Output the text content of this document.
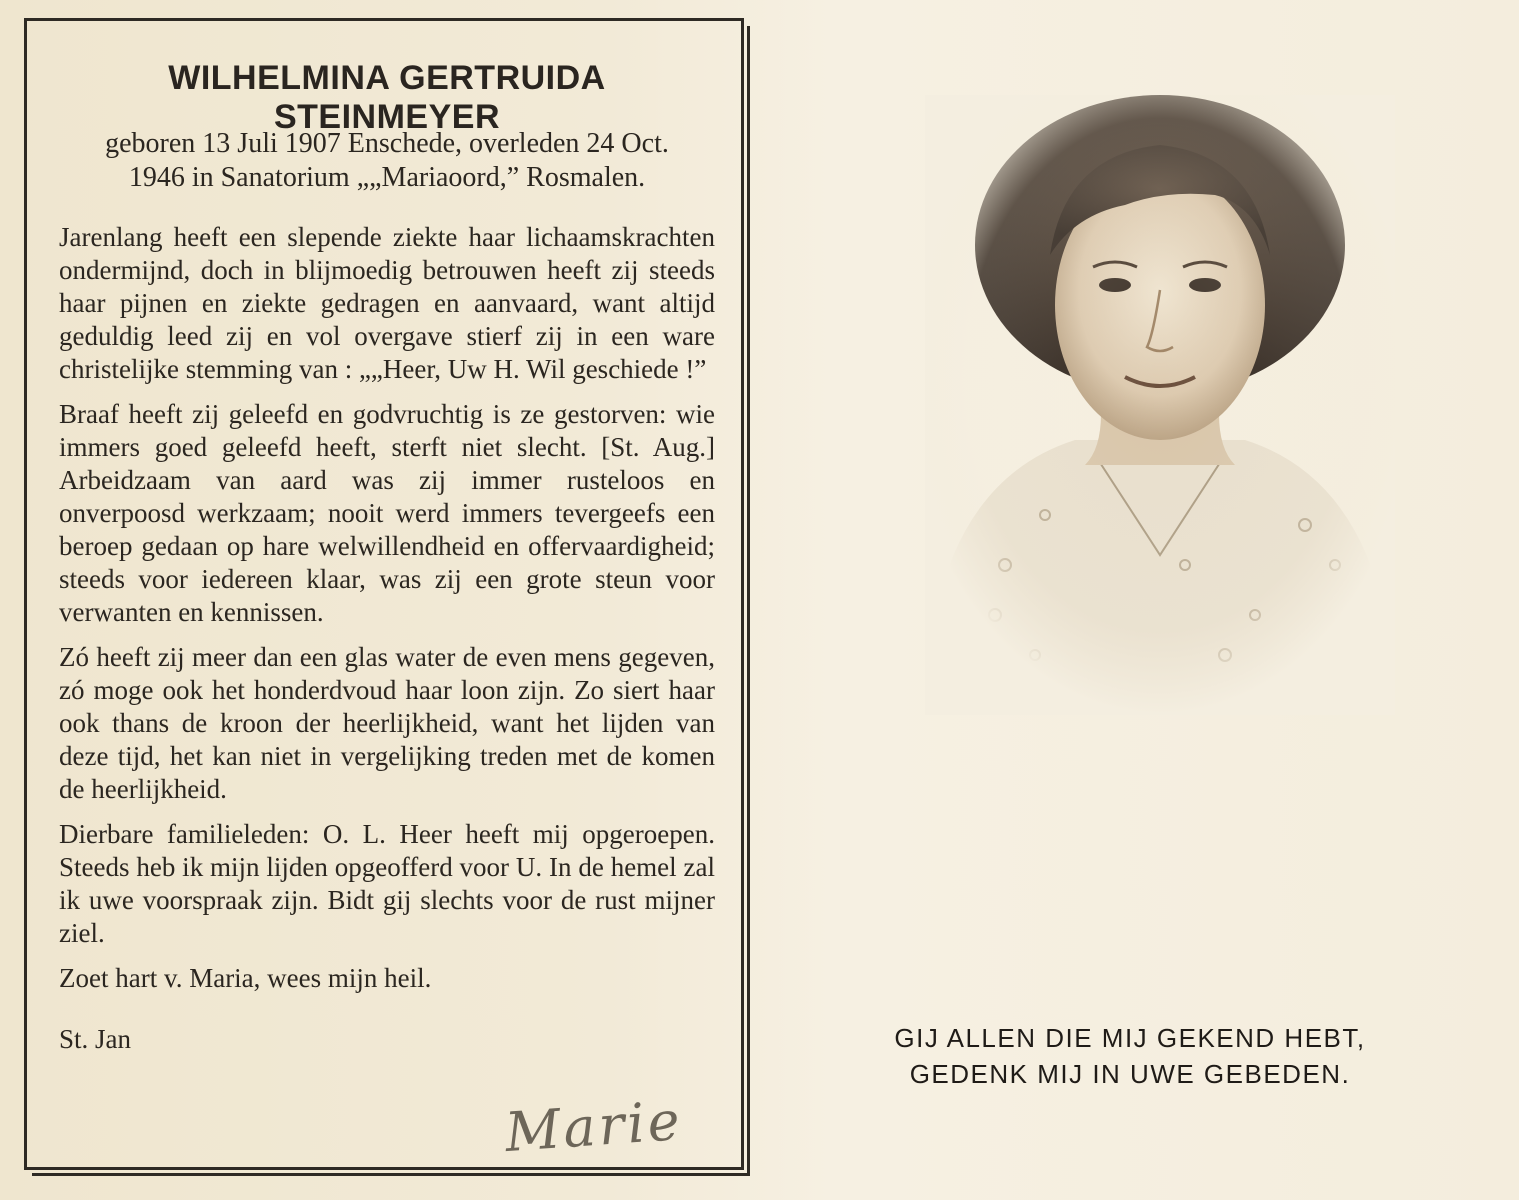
WILHELMINA GERTRUIDA STEINMEYER
geboren 13 Juli 1907 Enschede, overleden 24 Oct.
1946 in Sanatorium „„Mariaoord,” Rosmalen.

Jarenlang heeft een slepende ziekte haar lichaamskrachten ondermijnd, doch in blijmoedig betrouwen heeft zij steeds haar pijnen en ziekte gedragen en aanvaard, want altijd geduldig leed zij en vol overgave stierf zij in een ware christelijke stemming van : „„Heer, Uw H. Wil geschiede !”

Braaf heeft zij geleefd en godvruchtig is ze gestorven: wie immers goed geleefd heeft, sterft niet slecht. [St. Aug.] Arbeidzaam van aard was zij immer rusteloos en onverpoosd werkzaam; nooit werd immers tevergeefs een beroep gedaan op hare welwillendheid en offervaardigheid; steeds voor iedereen klaar, was zij een grote steun voor verwanten en kennissen.

Zó heeft zij meer dan een glas water de even mens gegeven, zó moge ook het honderdvoud haar loon zijn. Zo siert haar ook thans de kroon der heerlijkheid, want het lijden van deze tijd, het kan niet in vergelijking treden met de komen de heerlijkheid.

Dierbare familieleden: O. L. Heer heeft mij opgeroepen. Steeds heb ik mijn lijden opgeofferd voor U. In de hemel zal ik uwe voorspraak zijn. Bidt gij slechts voor de rust mijner ziel.

Zoet hart v. Maria, wees mijn heil.

St. Jan

Marie
GIJ ALLEN DIE MIJ GEKEND HEBT,
GEDENK MIJ IN UWE GEBEDEN.
